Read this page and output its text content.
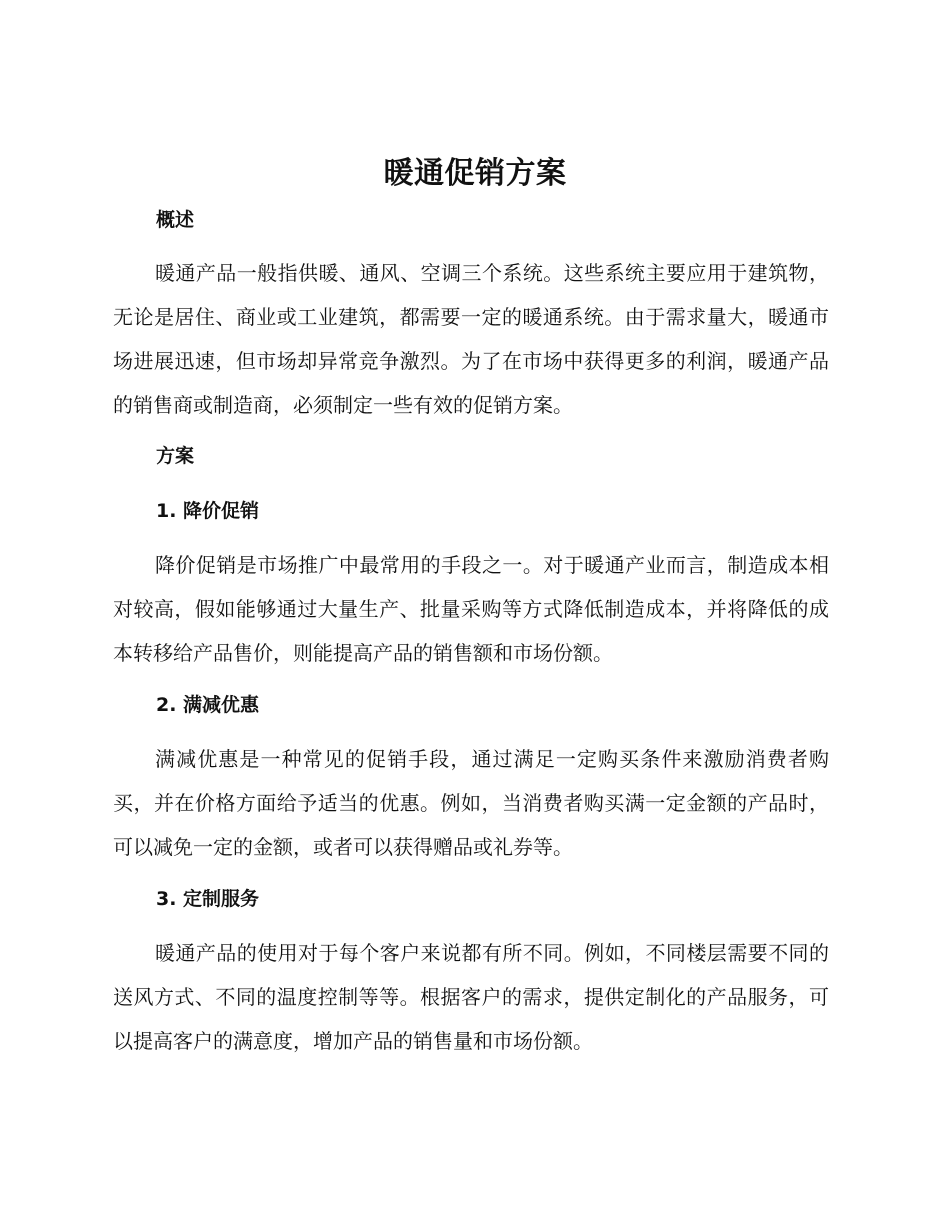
暖通促销方案
概述

暖通产品一般指供暖、通风、空调三个系统。这些系统主要应用于建筑物，无论是居住、商业或工业建筑，都需要一定的暖通系统。由于需求量大，暖通市场进展迅速，但市场却异常竞争激烈。为了在市场中获得更多的利润，暖通产品的销售商或制造商，必须制定一些有效的促销方案。

方案
1. 降价促销

降价促销是市场推广中最常用的手段之一。对于暖通产业而言，制造成本相对较高，假如能够通过大量生产、批量采购等方式降低制造成本，并将降低的成本转移给产品售价，则能提高产品的销售额和市场份额。

2. 满减优惠

满减优惠是一种常见的促销手段，通过满足一定购买条件来激励消费者购买，并在价格方面给予适当的优惠。例如，当消费者购买满一定金额的产品时，可以减免一定的金额，或者可以获得赠品或礼券等。

3. 定制服务

暖通产品的使用对于每个客户来说都有所不同。例如，不同楼层需要不同的送风方式、不同的温度控制等等。根据客户的需求，提供定制化的产品服务，可以提高客户的满意度，增加产品的销售量和市场份额。
